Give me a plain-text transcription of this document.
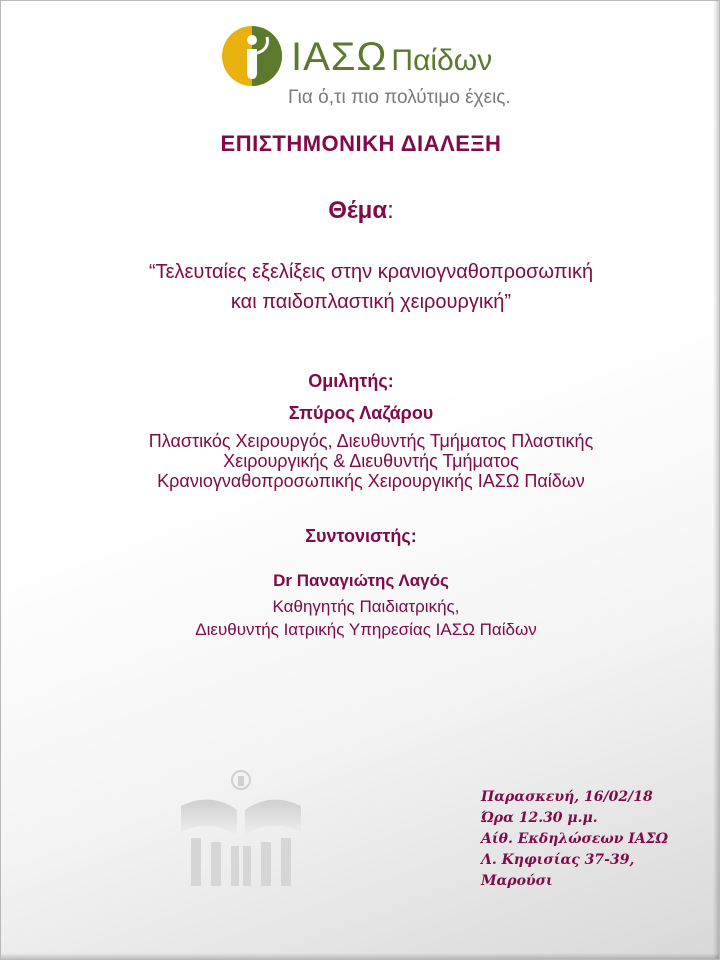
ΙΑΣΩ Παίδων
Για ό,τι πιο πολύτιμο έχεις.
ΕΠΙΣΤΗΜΟΝΙΚΗ ΔΙΑΛΕΞΗ
Θέμα:
“Τελευταίες εξελίξεις στην κρανιογναθοπροσωπική
και παιδοπλαστική χειρουργική”
Ομιλητής:
Σπύρος Λαζάρου
Πλαστικός Χειρουργός, Διευθυντής Τμήματος Πλαστικής
Χειρουργικής & Διευθυντής Τμήματος
Κρανιογναθοπροσωπικής Χειρουργικής ΙΑΣΩ Παίδων
Συντονιστής:
Dr Παναγιώτης Λαγός
Καθηγητής Παιδιατρικής,
Διευθυντής Ιατρικής Υπηρεσίας ΙΑΣΩ Παίδων
Παρασκευή, 16/02/18
Ώρα 12.30 μ.μ.
Αίθ. Εκδηλώσεων ΙΑΣΩ
Λ. Κηφισίας 37-39,
Μαρούσι
